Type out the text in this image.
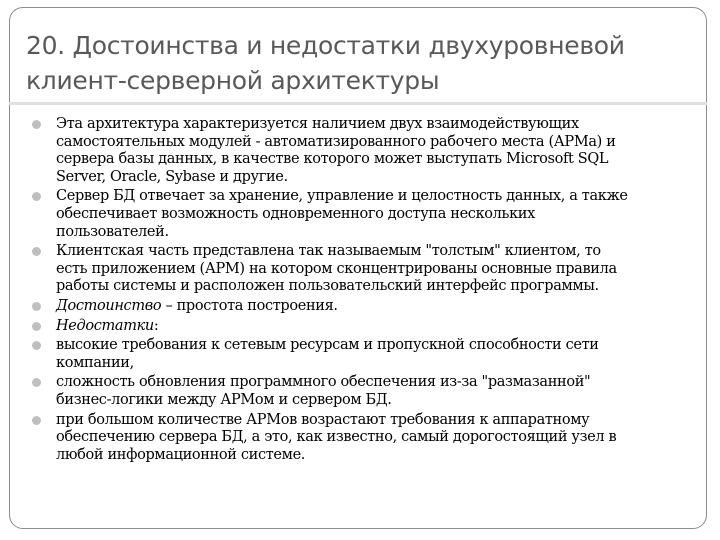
20. Достоинства и недостатки двухуровневой
клиент-серверной архитектуры
Эта архитектура характеризуется наличием двух взаимодействующих
самостоятельных модулей - автоматизированного рабочего места (АРМа) и
сервера базы данных, в качестве которого может выступать Microsoft SQL
Server, Oracle, Sybase и другие.
Сервер БД отвечает за хранение, управление и целостность данных, а также
обеспечивает возможность одновременного доступа нескольких
пользователей.
Клиентская часть представлена так называемым "толстым" клиентом, то
есть приложением (АРМ) на котором сконцентрированы основные правила
работы системы и расположен пользовательский интерфейс программы.
Достоинство – простота построения.
Недостатки:
высокие требования к сетевым ресурсам и пропускной способности сети
компании,
сложность обновления программного обеспечения из-за "размазанной"
бизнес-логики между АРМом и сервером БД.
при большом количестве АРМов возрастают требования к аппаратному
обеспечению сервера БД, а это, как известно, самый дорогостоящий узел в
любой информационной системе.
